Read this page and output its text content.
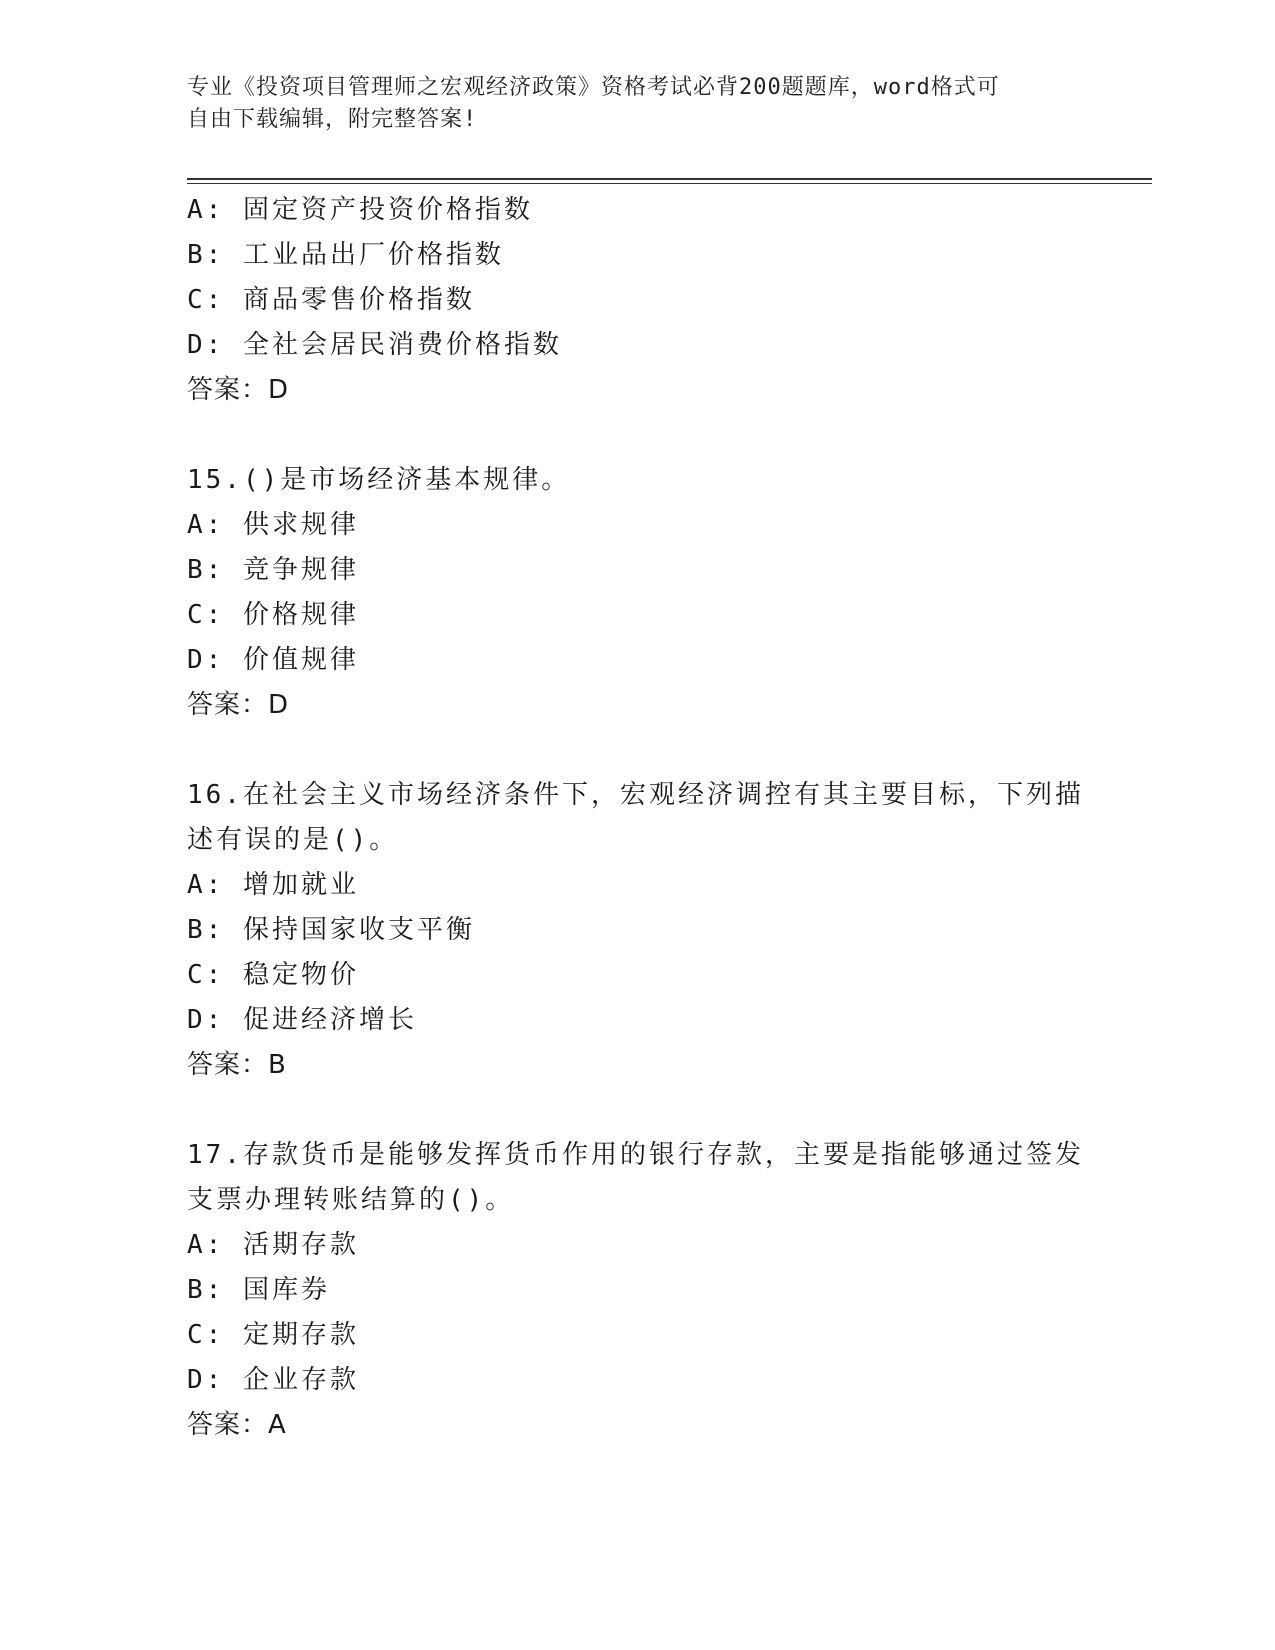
专业《投资项目管理师之宏观经济政策》资格考试必背200题题库，word格式可
自由下载编辑，附完整答案!
A: 固定资产投资价格指数
B: 工业品出厂价格指数
C: 商品零售价格指数
D: 全社会居民消费价格指数
答案：D
15.()是市场经济基本规律。
A: 供求规律
B: 竞争规律
C: 价格规律
D: 价值规律
答案：D
16.在社会主义市场经济条件下，宏观经济调控有其主要目标，下列描
述有误的是()。
A: 增加就业
B: 保持国家收支平衡
C: 稳定物价
D: 促进经济增长
答案：B
17.存款货币是能够发挥货币作用的银行存款，主要是指能够通过签发
支票办理转账结算的()。
A: 活期存款
B: 国库券
C: 定期存款
D: 企业存款
答案：A
